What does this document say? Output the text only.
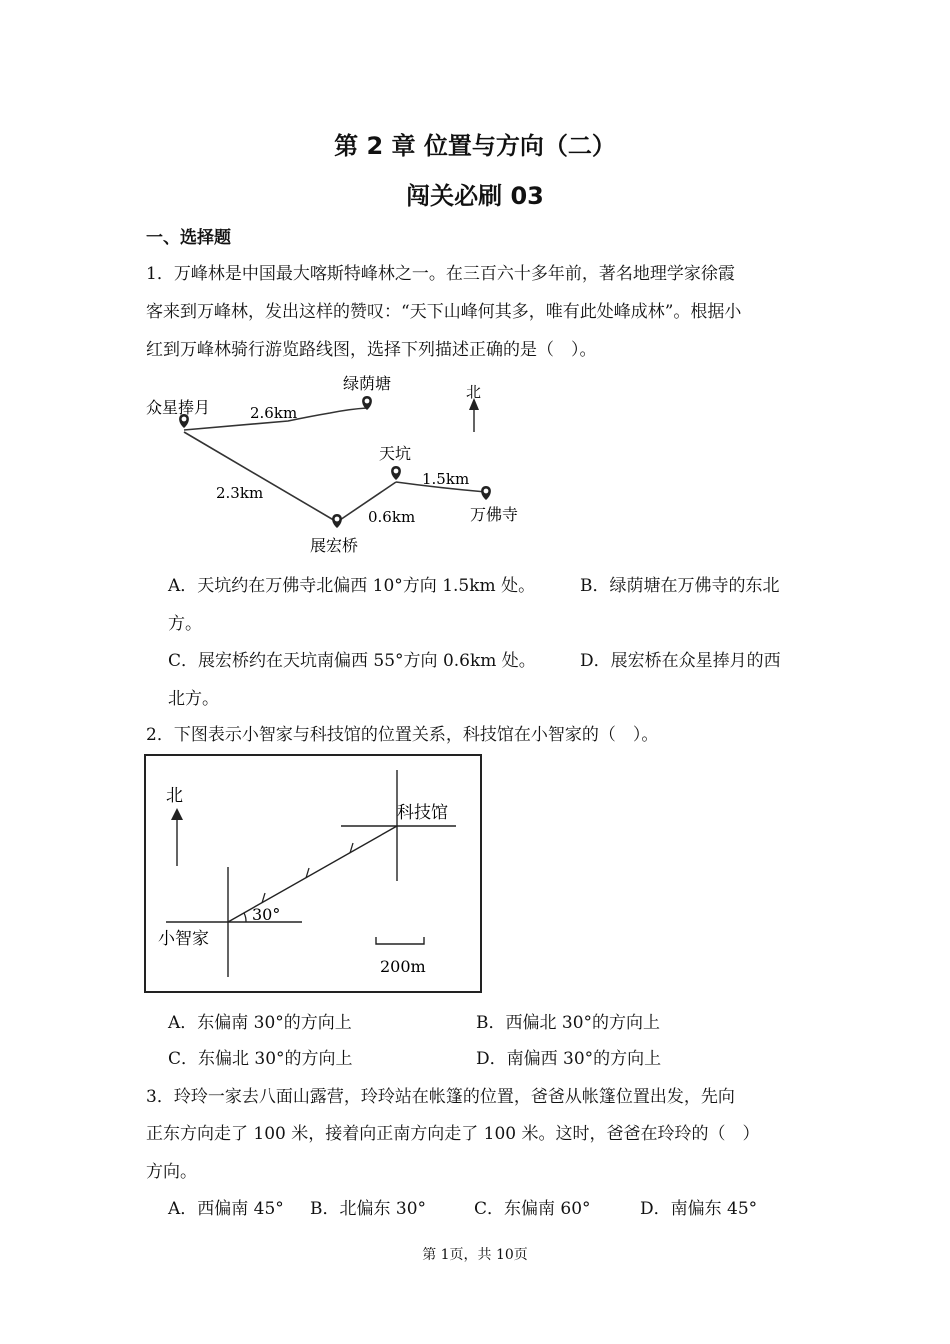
第 2 章 位置与方向（二）
闯关必刷 03
一、选择题
1．万峰林是中国最大喀斯特峰林之一。在三百六十多年前，著名地理学家徐霞
客来到万峰林，发出这样的赞叹：“天下山峰何其多，唯有此处峰成林”。根据小
红到万峰林骑行游览路线图，选择下列描述正确的是（　）。
北
众星捧月
绿荫塘
天坑
万佛寺
展宏桥
2.6km
2.3km
0.6km
1.5km
A．天坑约在万佛寺北偏西 10°方向 1.5km 处。	B．绿荫塘在万佛寺的东北
方。
C．展宏桥约在天坑南偏西 55°方向 0.6km 处。	D．展宏桥在众星捧月的西
北方。
2．下图表示小智家与科技馆的位置关系，科技馆在小智家的（　）。
30°
北
小智家
科技馆
200m
A．东偏南 30°的方向上	B．西偏北 30°的方向上
C．东偏北 30°的方向上	D．南偏西 30°的方向上
3．玲玲一家去八面山露营，玲玲站在帐篷的位置，爸爸从帐篷位置出发，先向
正东方向走了 100 米，接着向正南方向走了 100 米。这时，爸爸在玲玲的（　）
方向。
A．西偏南 45° B．北偏东 30°	C．东偏南 60°	D．南偏东 45°
第 1页，共 10页
